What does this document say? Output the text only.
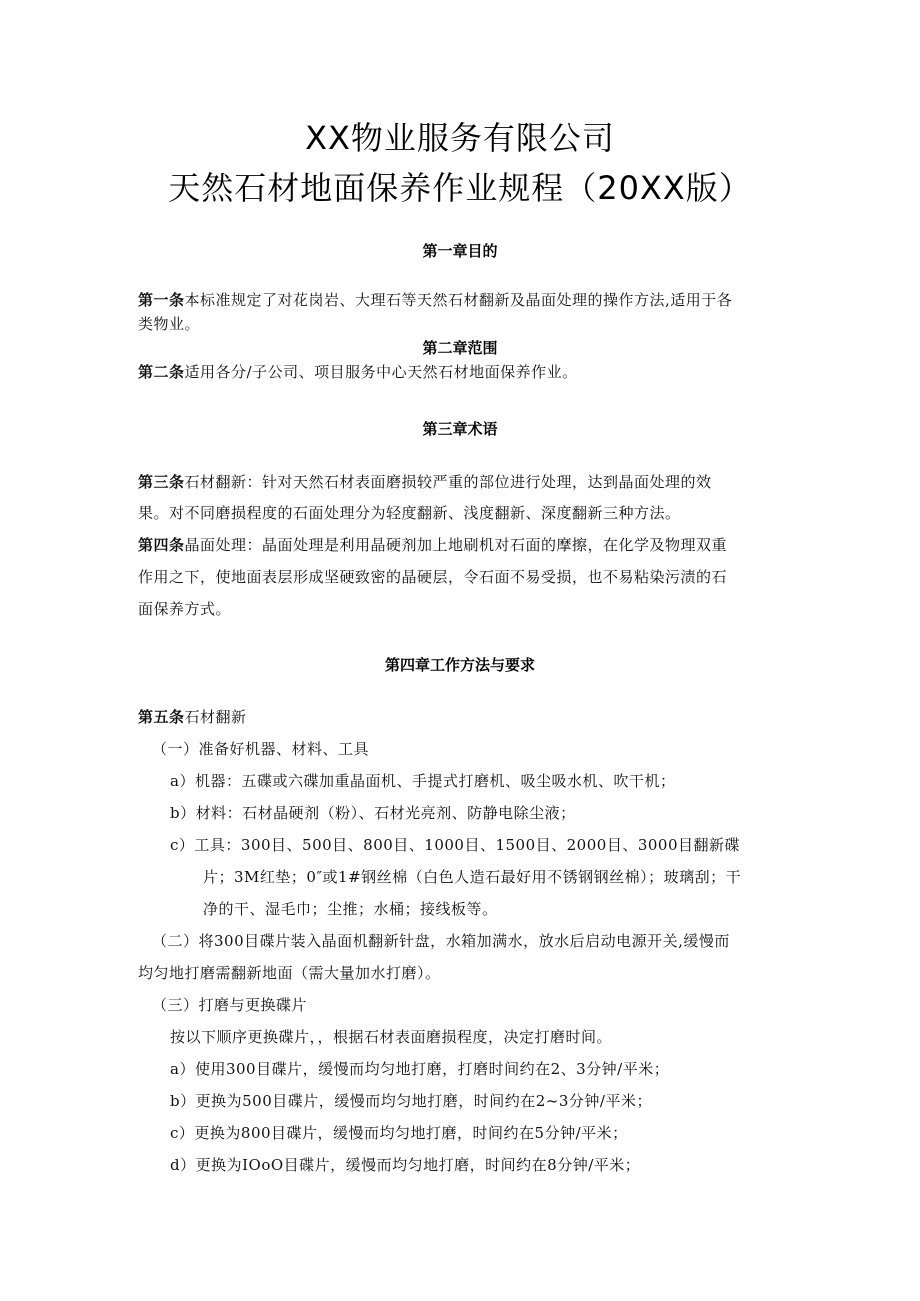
XX物业服务有限公司
天然石材地面保养作业规程（20XX版）
第一章目的
第一条本标准规定了对花岗岩、大理石等天然石材翻新及晶面处理的操作方法,适用于各
类物业。
第二章范围
第二条适用各分/子公司、项目服务中心天然石材地面保养作业。
第三章术语
第三条石材翻新：针对天然石材表面磨损较严重的部位进行处理，达到晶面处理的效
果。对不同磨损程度的石面处理分为轻度翻新、浅度翻新、深度翻新三种方法。
第四条晶面处理：晶面处理是利用晶硬剂加上地刷机对石面的摩擦，在化学及物理双重
作用之下，使地面表层形成坚硬致密的晶硬层，令石面不易受损，也不易粘染污渍的石
面保养方式。
第四章工作方法与要求
第五条石材翻新
（一）准备好机器、材料、工具
a）机器：五碟或六碟加重晶面机、手提式打磨机、吸尘吸水机、吹干机；
b）材料：石材晶硬剂（粉）、石材光亮剂、防静电除尘液；
c）工具：300目、500目、800目、1000目、1500目、2000目、3000目翻新碟
片；3M红垫；0″或1#钢丝棉（白色人造石最好用不锈钢钢丝棉）；玻璃刮；干
净的干、湿毛巾；尘推；水桶；接线板等。
（二）将300目碟片装入晶面机翻新针盘，水箱加满水，放水后启动电源开关,缓慢而
均匀地打磨需翻新地面（需大量加水打磨）。
（三）打磨与更换碟片
按以下顺序更换碟片，，根据石材表面磨损程度，决定打磨时间。
a）使用300目碟片，缓慢而均匀地打磨，打磨时间约在2、3分钟/平米；
b）更换为500目碟片，缓慢而均匀地打磨，时间约在2~3分钟/平米；
c）更换为800目碟片，缓慢而均匀地打磨，时间约在5分钟/平米；
d）更换为IOoO目碟片，缓慢而均匀地打磨，时间约在8分钟/平米；
